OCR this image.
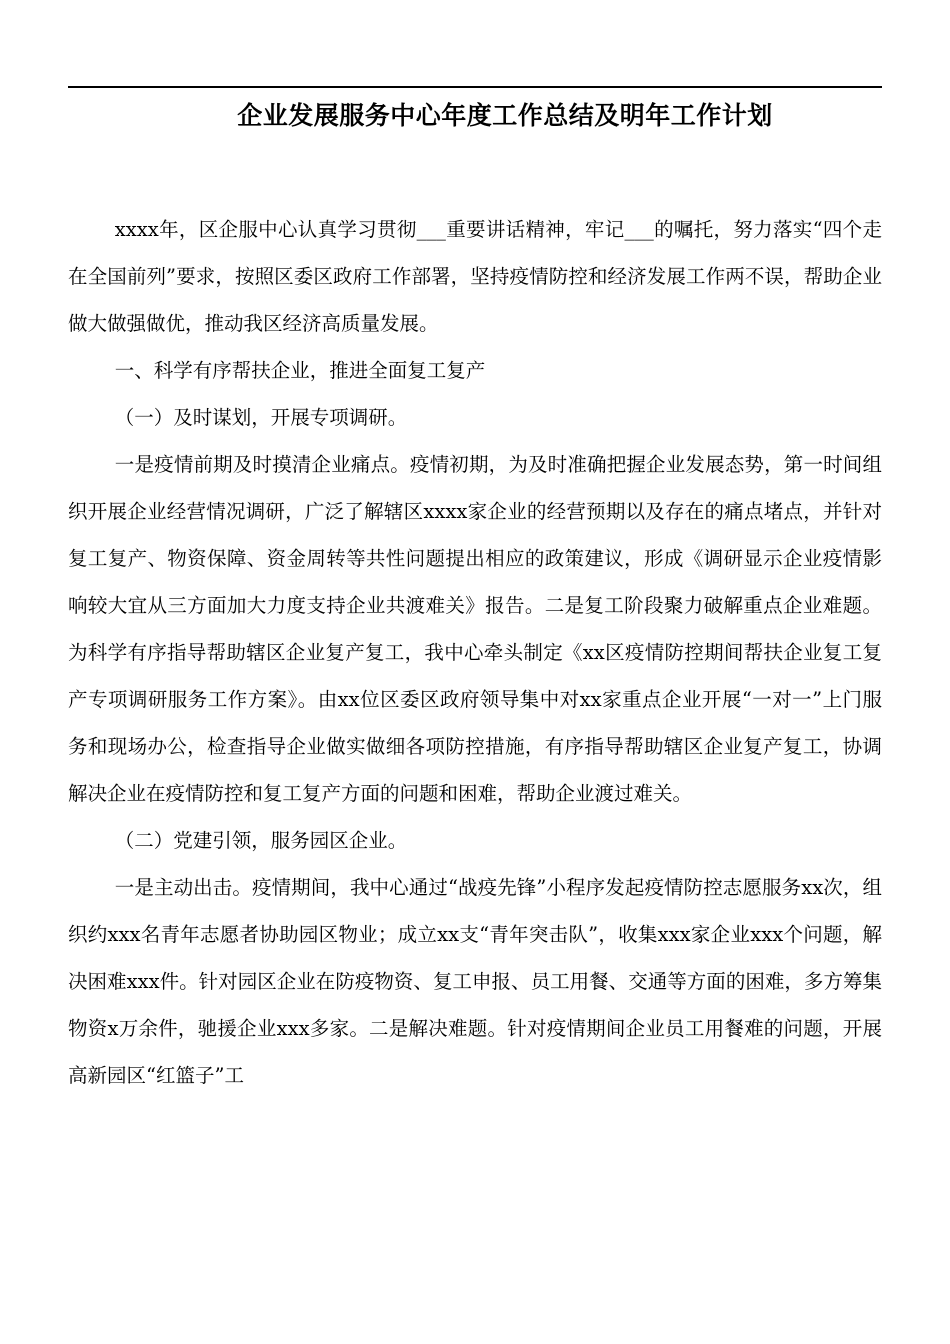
企业发展服务中心年度工作总结及明年工作计划

xxxx年，区企服中心认真学习贯彻___重要讲话精神，牢记___的嘱托，努力落实“四个走在全国前列”要求，按照区委区政府工作部署，坚持疫情防控和经济发展工作两不误，帮助企业做大做强做优，推动我区经济高质量发展。

一、科学有序帮扶企业，推进全面复工复产

（一）及时谋划，开展专项调研。

一是疫情前期及时摸清企业痛点。疫情初期，为及时准确把握企业发展态势，第一时间组织开展企业经营情况调研，广泛了解辖区xxxx家企业的经营预期以及存在的痛点堵点，并针对复工复产、物资保障、资金周转等共性问题提出相应的政策建议，形成《调研显示企业疫情影响较大宜从三方面加大力度支持企业共渡难关》报告。二是复工阶段聚力破解重点企业难题。为科学有序指导帮助辖区企业复产复工，我中心牵头制定《xx区疫情防控期间帮扶企业复工复产专项调研服务工作方案》。由xx位区委区政府领导集中对xx家重点企业开展“一对一”上门服务和现场办公，检查指导企业做实做细各项防控措施，有序指导帮助辖区企业复产复工，协调解决企业在疫情防控和复工复产方面的问题和困难，帮助企业渡过难关。

（二）党建引领，服务园区企业。

一是主动出击。疫情期间，我中心通过“战疫先锋”小程序发起疫情防控志愿服务xx次，组织约xxx名青年志愿者协助园区物业；成立xx支“青年突击队”，收集xxx家企业xxx个问题，解决困难xxx件。针对园区企业在防疫物资、复工申报、员工用餐、交通等方面的困难，多方筹集物资x万余件，驰援企业xxx多家。二是解决难题。针对疫情期间企业员工用餐难的问题，开展高新园区“红篮子”工
